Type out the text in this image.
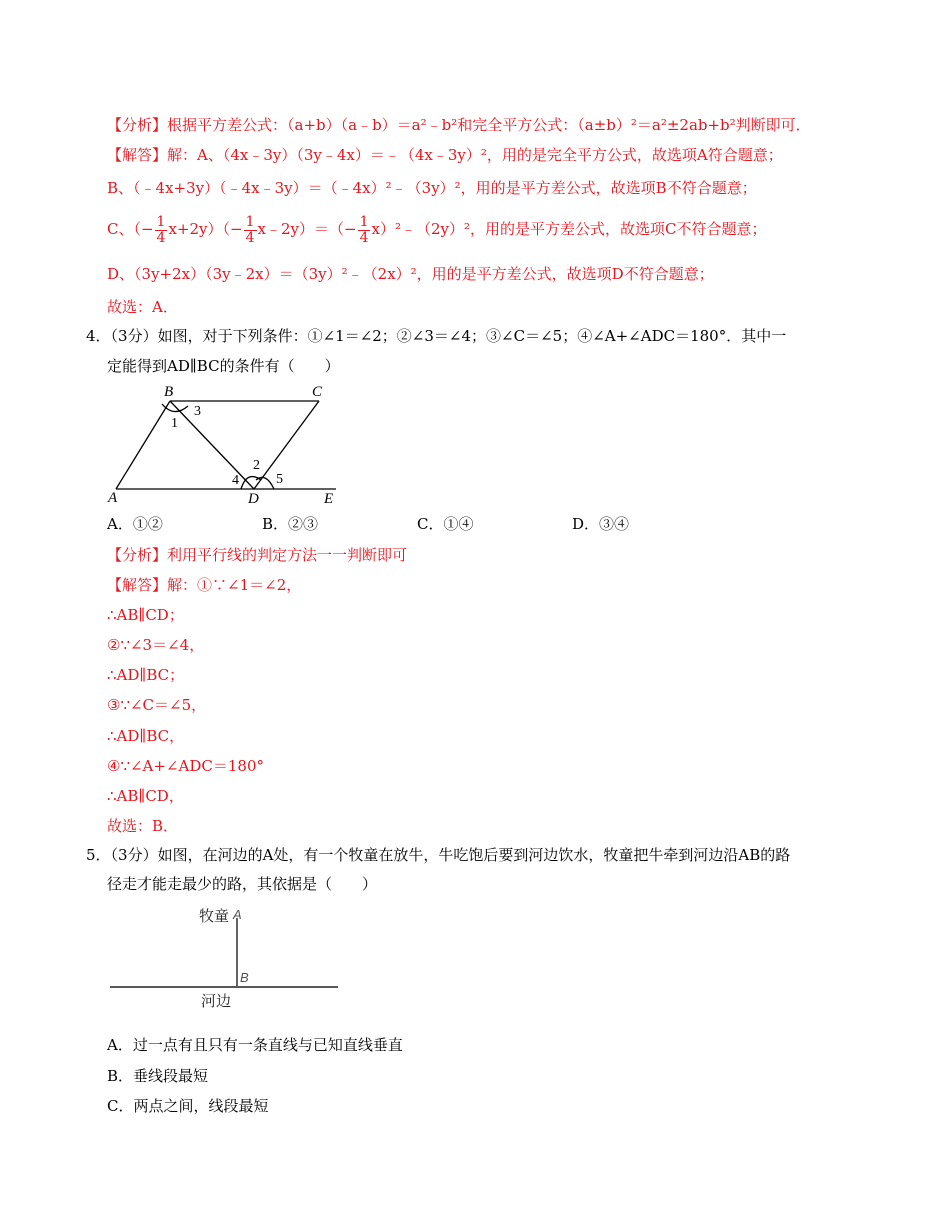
【分析】根据平方差公式：（a+b）（a﹣b）＝a²﹣b²和完全平方公式：（a±b）²＝a²±2ab+b²判断即可．
【解答】解：A、（4x﹣3y）（3y﹣4x）＝﹣（4x﹣3y）²，用的是完全平方公式，故选项A符合题意；
B、（﹣4x+3y）（﹣4x﹣3y）＝（﹣4x）²﹣（3y）²，用的是平方差公式，故选项B不符合题意；
C、（− $\frac{1}{4} x+2y)(- \frac{1}{4}$ x﹣2y）＝（− $\frac{1}{4}$ x）²﹣（2y）²，用的是平方差公式，故选项C不符合题意；
D、（3y+2x）（3y﹣2x）＝（3y）²﹣（2x）²，用的是平方差公式，故选项D不符合题意；
故选：A．
4．（3分）如图，对于下列条件：①∠1＝∠2；②∠3＝∠4；③∠C＝∠5；④∠A+∠ADC＝180°．其中一
定能得到AD∥BC的条件有（　　）
B	C
A	D	E
1
3
2
4	5
A．①②	B．②③	C．①④	D．③④
【分析】利用平行线的判定方法一一判断即可
【解答】解：①∵∠1＝∠2，
∴AB∥CD；
②∵∠3＝∠4，
∴AD∥BC；
③∵∠C＝∠5，
∴AD∥BC，
④∵∠A+∠ADC＝180°
∴AB∥CD，
故选：B．
5．（3分）如图，在河边的A处，有一个牧童在放牛，牛吃饱后要到河边饮水，牧童把牛牵到河边沿AB的路
径走才能走最少的路，其依据是（　　）
牧童
河边
A
B
A．过一点有且只有一条直线与已知直线垂直
B．垂线段最短
C．两点之间，线段最短
